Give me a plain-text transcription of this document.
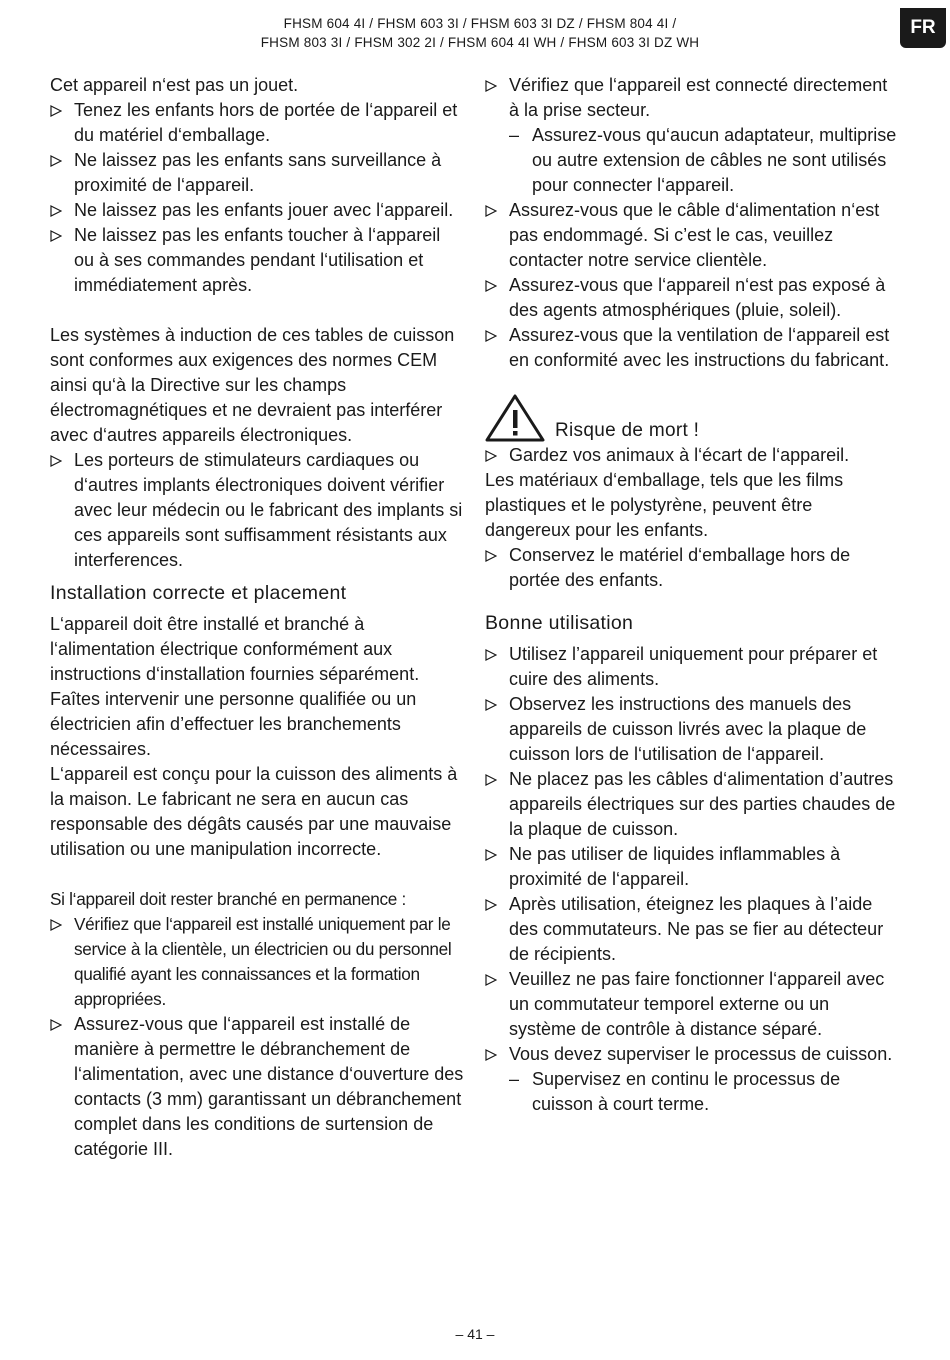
FHSM 604 4I / FHSM 603 3I / FHSM 603 3I DZ / FHSM 804 4I /
FHSM 803 3I / FHSM 302 2I / FHSM 604 4I WH / FHSM 603 3I DZ WH
FR

Cet appareil n‘est pas un jouet.

Tenez les enfants hors de portée de l‘appareil et du matériel d‘emballage.
Ne laissez pas les enfants sans surveillance à proximité de l‘appareil.
Ne laissez pas les enfants jouer avec l‘appareil.
Ne laissez pas les enfants toucher à l‘appareil ou à ses commandes pendant l‘utilisation et immédiatement après.

Les systèmes à induction de ces tables de cuisson sont conformes aux exigences des normes CEM ainsi qu‘à la Directive sur les champs électromagnétiques et ne devraient pas interférer avec d‘autres appareils électroniques.

Les porteurs de stimulateurs cardiaques ou d‘autres implants électroniques doivent vérifier avec leur médecin ou le fabricant des implants si ces appareils sont suffisamment résistants aux interferences.
Installation correcte et placement

L‘appareil doit être installé et branché à l‘alimentation électrique conformément aux instructions d‘installation fournies séparément. Faîtes intervenir une personne qualifiée ou un électricien afin d’effectuer les branchements nécessaires.

L‘appareil est conçu pour la cuisson des aliments à la maison. Le fabricant ne sera en aucun cas responsable des dégâts causés par une mauvaise utilisation ou une manipulation incorrecte.

Si l‘appareil doit rester branché en permanence :

Vérifiez que l‘appareil est installé uniquement par le service à la clientèle, un électricien ou du personnel qualifié ayant les connaissances et la formation appropriées.
Assurez-vous que l‘appareil est installé de manière à permettre le débranchement de l‘alimentation, avec une distance d‘ouverture des contacts (3 mm) garantissant un débranchement complet dans les conditions de surtension de catégorie III.
Vérifiez que l‘appareil est connecté directement à la prise secteur.
– Assurez-vous qu‘aucun adaptateur, multiprise ou autre extension de câbles ne sont utilisés pour connecter l‘appareil.
Assurez-vous que le câble d‘alimentation n‘est pas endommagé. Si c’est le cas, veuillez contacter notre service clientèle.
Assurez-vous que l‘appareil n‘est pas exposé à des agents atmosphériques (pluie, soleil).
Assurez-vous que la ventilation de l‘appareil est en conformité avec les instructions du fabricant.
Risque de mort !
Gardez vos animaux à l‘écart de l‘appareil.

Les matériaux d‘emballage, tels que les films plastiques et le polystyrène, peuvent être dangereux pour les enfants.

Conservez le matériel d‘emballage hors de portée des enfants.
Bonne utilisation
Utilisez l’appareil uniquement pour préparer et cuire des aliments.
Observez les instructions des manuels des appareils de cuisson livrés avec la plaque de cuisson lors de l‘utilisation de l‘appareil.
Ne placez pas les câbles d‘alimentation d’autres appareils électriques sur des parties chaudes de la plaque de cuisson.
Ne pas utiliser de liquides inflammables à proximité de l‘appareil.
Après utilisation, éteignez les plaques à l’aide des commutateurs. Ne pas se fier au détecteur de récipients.
Veuillez ne pas faire fonctionner l‘appareil avec un commutateur temporel externe ou un système de contrôle à distance séparé.
Vous devez superviser le processus de cuisson.
– Supervisez en continu le processus de cuisson à court terme.
– 41 –
